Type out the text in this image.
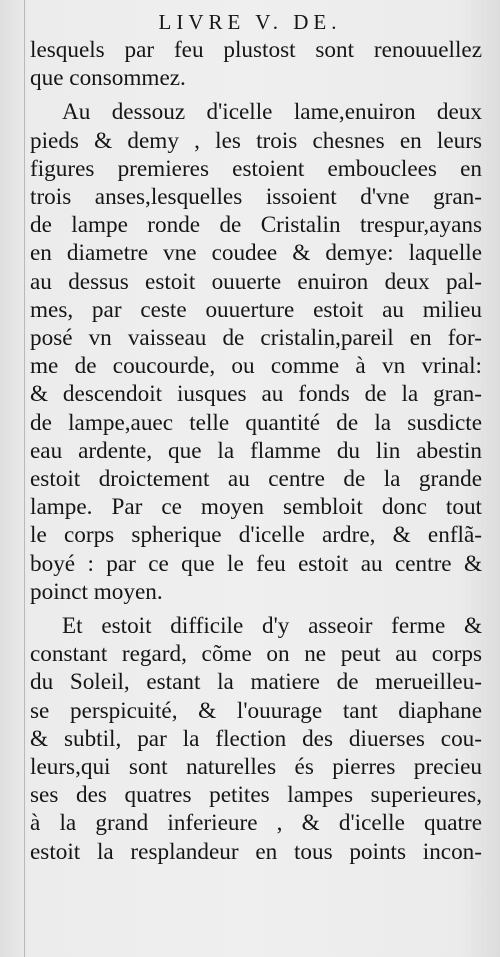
LIVRE V. DE.
lesquels par feu plustost sont renouuellez
que consommez.
Au dessouz d'icelle lame,enuiron deux
pieds & demy , les trois chesnes en leurs
figures premieres estoient embouclees en
trois anses,lesquelles issoient d'vne gran-
de lampe ronde de Cristalin trespur,ayans
en diametre vne coudee & demye: laquelle
au dessus estoit ouuerte enuiron deux pal-
mes, par ceste ouuerture estoit au milieu
posé vn vaisseau de cristalin,pareil en for-
me de coucourde, ou comme à vn vrinal:
& descendoit iusques au fonds de la gran-
de lampe,auec telle quantité de la susdicte
eau ardente, que la flamme du lin abestin
estoit droictement au centre de la grande
lampe. Par ce moyen sembloit donc tout
le corps spherique d'icelle ardre, & enflã-
boyé : par ce que le feu estoit au centre &
poinct moyen.
Et estoit difficile d'y asseoir ferme &
constant regard, cõme on ne peut au corps
du Soleil, estant la matiere de merueilleu-
se perspicuité, & l'ouurage tant diaphane
& subtil, par la flection des diuerses cou-
leurs,qui sont naturelles és pierres precieu
ses des quatres petites lampes superieures,
à la grand inferieure , & d'icelle quatre
estoit la resplandeur en tous points incon-
